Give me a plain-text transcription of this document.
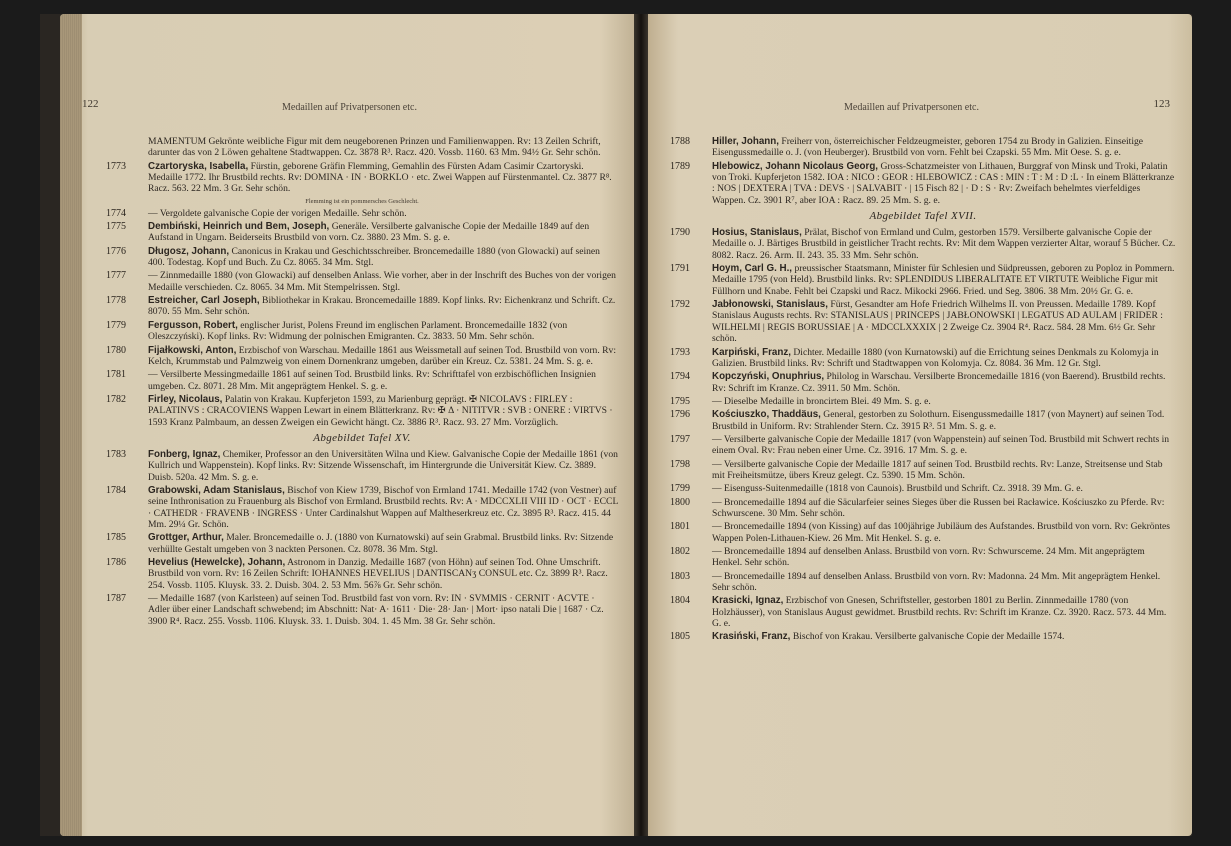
122	Medaillen auf Privatpersonen etc.
MAMENTUM Gekrönte weibliche Figur mit dem neugeborenen Prinzen und Familienwappen. Rv: 13 Zeilen Schrift, darunter das von 2 Löwen gehaltene Stadtwappen. Cz. 3878 R³. Racz. 420. Vossb. 1160. 63 Mm. 94½ Gr. Sehr schön.
1773 Czartoryska, Isabella, Fürstin, geborene Gräfin Flemming, Gemahlin des Fürsten Adam Casimir Czartoryski. Medaille 1772. Ihr Brustbild rechts. Rv: DOMINA · IN · BORKLO · etc. Zwei Wappen auf Fürstenmantel. Cz. 3877 R⁸. Racz. 563. 22 Mm. 3 Gr. Sehr schön.
Flemming ist ein pommersches Geschlecht.
1774 — Vergoldete galvanische Copie der vorigen Medaille. Sehr schön.
1775 Dembiński, Heinrich und Bem, Joseph, Generäle. Versilberte galvanische Copie der Medaille 1849 auf den Aufstand in Ungarn. Beiderseits Brustbild von vorn. Cz. 3880. 23 Mm. S. g. e.
1776 Długosz, Johann, Canonicus in Krakau und Geschichtsschreiber. Broncemedaille 1880 (von Glowacki) auf seinen 400. Todestag. Kopf und Buch. Zu Cz. 8065. 34 Mm. Stgl.
1777 — Zinnmedaille 1880 (von Glowacki) auf denselben Anlass. Wie vorher, aber in der Inschrift des Buches von der vorigen Medaille verschieden. Cz. 8065. 34 Mm. Mit Stempelrissen. Stgl.
1778 Estreicher, Carl Joseph, Bibliothekar in Krakau. Broncemedaille 1889. Kopf links. Rv: Eichenkranz und Schrift. Cz. 8070. 55 Mm. Sehr schön.
1779 Fergusson, Robert, englischer Jurist, Polens Freund im englischen Parlament. Broncemedaille 1832 (von Oleszczyński). Kopf links. Rv: Widmung der polnischen Emigranten. Cz. 3833. 50 Mm. Sehr schön.
1780 Fijałkowski, Anton, Erzbischof von Warschau. Medaille 1861 aus Weissmetall auf seinen Tod. Brustbild von vorn. Rv: Kelch, Krummstab und Palmzweig von einem Dornenkranz umgeben, darüber ein Kreuz. Cz. 5381. 24 Mm. S. g. e.
1781 — Versilberte Messingmedaille 1861 auf seinen Tod. Brustbild links. Rv: Schrifttafel von erzbischöflichen Insignien umgeben. Cz. 8071. 28 Mm. Mit angeprägtem Henkel. S. g. e.
1782 Firley, Nicolaus, Palatin von Krakau. Kupferjeton 1593, zu Marienburg geprägt. ✠ NICOLAVS : FIRLEY : PALATINVS : CRACOVIENS Wappen Lewart in einem Blätterkranz. Rv: ✠ Δ · NITITVR : SVB : ONERE : VIRTVS · 1593 Kranz Palmbaum, an dessen Zweigen ein Gewicht hängt. Cz. 3886 R³. Racz. 93. 27 Mm. Vorzüglich.
Abgebildet Tafel XV.
1783 Fonberg, Ignaz, Chemiker, Professor an den Universitäten Wilna und Kiew. Galvanische Copie der Medaille 1861 (von Kullrich und Wappenstein). Kopf links. Rv: Sitzende Wissenschaft, im Hintergrunde die Universität Kiew. Cz. 3889. Duisb. 520a. 42 Mm. S. g. e.
1784 Grabowski, Adam Stanislaus, Bischof von Kiew 1739, Bischof von Ermland 1741. Medaille 1742 (von Vestner) auf seine Inthronisation zu Frauenburg als Bischof von Ermland. Brustbild rechts. Rv: A · MDCCXLII VIII ID · OCT · ECCL · CATHEDR · FRAVENB · INGRESS · Unter Cardinalshut Wappen auf Maltheserkreuz etc. Cz. 3895 R³. Racz. 415. 44 Mm. 29¼ Gr. Schön.
1785 Grottger, Arthur, Maler. Broncemedaille o. J. (1880 von Kurnatowski) auf sein Grabmal. Brustbild links. Rv: Sitzende verhüllte Gestalt umgeben von 3 nackten Personen. Cz. 8078. 36 Mm. Stgl.
1786 Hevelius (Hewelcke), Johann, Astronom in Danzig. Medaille 1687 (von Höhn) auf seinen Tod. Ohne Umschrift. Brustbild von vorn. Rv: 16 Zeilen Schrift: IOHANNES HEVELIUS | DANTISCANʒ CONSUL etc. Cz. 3899 R³. Racz. 254. Vossb. 1105. Kluysk. 33. 2. Duisb. 304. 2. 53 Mm. 56⅞ Gr. Sehr schön.
1787 — Medaille 1687 (von Karlsteen) auf seinen Tod. Brustbild fast von vorn. Rv: IN · SVMMIS · CERNIT · ACVTE · Adler über einer Landschaft schwebend; im Abschnitt: Nat· A· 1611 · Die· 28· Jan· | Mort· ipso natali Die | 1687 · Cz. 3900 R⁴. Racz. 255. Vossb. 1106. Kluysk. 33. 1. Duisb. 304. 1. 45 Mm. 38 Gr. Sehr schön.
Medaillen auf Privatpersonen etc.	123
1788 Hiller, Johann, Freiherr von, österreichischer Feldzeugmeister, geboren 1754 zu Brody in Galizien. Einseitige Eisengussmedaille o. J. (von Heuberger). Brustbild von vorn. Fehlt bei Czapski. 55 Mm. Mit Oese. S. g. e.
1789 Hlebowicz, Johann Nicolaus Georg, Gross-Schatzmeister von Lithauen, Burggraf von Minsk und Troki, Palatin von Troki. Kupferjeton 1582. IOA : NICO : GEOR : HLEBOWICZ : CAS : MIN : T : M : D :L · In einem Blätterkranze : NOS | DEXTERA | TVA : DEVS · | SALVABIT · | 15 Fisch 82 | · D : S · Rv: Zweifach behelmtes vierfeldiges Wappen. Cz. 3901 R⁷, aber IOA : Racz. 89. 25 Mm. S. g. e.
Abgebildet Tafel XVII.
1790 Hosius, Stanislaus, Prälat, Bischof von Ermland und Culm, gestorben 1579. Versilberte galvanische Copie der Medaille o. J. Bärtiges Brustbild in geistlicher Tracht rechts. Rv: Mit dem Wappen verzierter Altar, worauf 5 Bücher. Cz. 8082. Racz. 26. Arm. II. 243. 35. 33 Mm. Sehr schön.
1791 Hoym, Carl G. H., preussischer Staatsmann, Minister für Schlesien und Südpreussen, geboren zu Poploz in Pommern. Medaille 1795 (von Held). Brustbild links. Rv: SPLENDIDUS LIBERALITATE ET VIRTUTE Weibliche Figur mit Füllhorn und Knabe. Fehlt bei Czapski und Racz. Mikocki 2966. Fried. und Seg. 3806. 38 Mm. 20½ Gr. G. e.
1792 Jabłonowski, Stanislaus, Fürst, Gesandter am Hofe Friedrich Wilhelms II. von Preussen. Medaille 1789. Kopf Stanislaus Augusts rechts. Rv: STANISLAUS | PRINCEPS | JABŁONOWSKI | LEGATUS AD AULAM | FRIDER : WILHELMI | REGIS BORUSSIAE | A · MDCCLXXXIX | 2 Zweige Cz. 3904 R⁴. Racz. 584. 28 Mm. 6½ Gr. Sehr schön.
1793 Karpiński, Franz, Dichter. Medaille 1880 (von Kurnatowski) auf die Errichtung seines Denkmals zu Kolomyja in Galizien. Brustbild links. Rv: Schrift und Stadtwappen von Kolomyja. Cz. 8084. 36 Mm. 12 Gr. Stgl.
1794 Kopczyński, Onuphrius, Philolog in Warschau. Versilberte Broncemedaille 1816 (von Baerend). Brustbild rechts. Rv: Schrift im Kranze. Cz. 3911. 50 Mm. Schön.
1795 — Dieselbe Medaille in broncirtem Blei. 49 Mm. S. g. e.
1796 Kościuszko, Thaddäus, General, gestorben zu Solothurn. Eisengussmedaille 1817 (von Maynert) auf seinen Tod. Brustbild in Uniform. Rv: Strahlender Stern. Cz. 3915 R³. 51 Mm. S. g. e.
1797 — Versilberte galvanische Copie der Medaille 1817 (von Wappenstein) auf seinen Tod. Brustbild mit Schwert rechts in einem Oval. Rv: Frau neben einer Urne. Cz. 3916. 17 Mm. S. g. e.
1798 — Versilberte galvanische Copie der Medaille 1817 auf seinen Tod. Brustbild rechts. Rv: Lanze, Streitsense und Stab mit Freiheitsmütze, übers Kreuz gelegt. Cz. 5390. 15 Mm. Schön.
1799 — Eisenguss-Suitenmedaille (1818 von Caunois). Brustbild und Schrift. Cz. 3918. 39 Mm. G. e.
1800 — Broncemedaille 1894 auf die Säcularfeier seines Sieges über die Russen bei Racławice. Kościuszko zu Pferde. Rv: Schwurscene. 30 Mm. Sehr schön.
1801 — Broncemedaille 1894 (von Kissing) auf das 100jährige Jubiläum des Aufstandes. Brustbild von vorn. Rv: Gekröntes Wappen Polen-Lithauen-Kiew. 26 Mm. Mit Henkel. S. g. e.
1802 — Broncemedaille 1894 auf denselben Anlass. Brustbild von vorn. Rv: Schwursceme. 24 Mm. Mit angeprägtem Henkel. Sehr schön.
1803 — Broncemedaille 1894 auf denselben Anlass. Brustbild von vorn. Rv: Madonna. 24 Mm. Mit angeprägtem Henkel. Sehr schön.
1804 Krasicki, Ignaz, Erzbischof von Gnesen, Schriftsteller, gestorben 1801 zu Berlin. Zinnmedaille 1780 (von Holzhäusser), von Stanislaus August gewidmet. Brustbild rechts. Rv: Schrift im Kranze. Cz. 3920. Racz. 573. 44 Mm. G. e.
1805 Krasiński, Franz, Bischof von Krakau. Versilberte galvanische Copie der Medaille 1574.
